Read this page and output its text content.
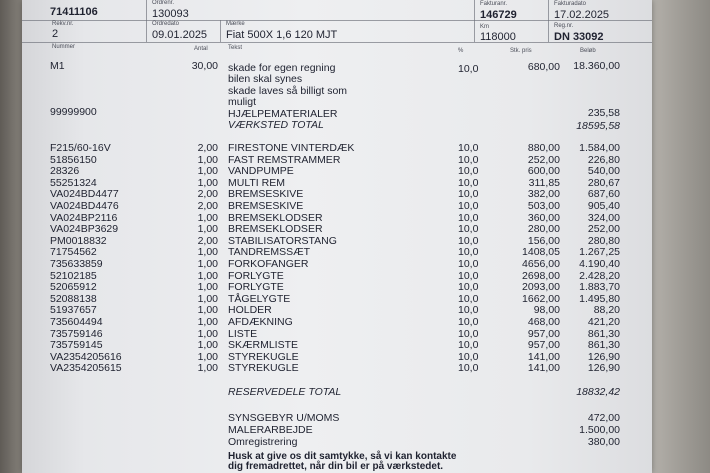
71411106
Ordrenr.
130093
Fakturanr.
146729
Fakturadato
17.02.2025
Rekv.nr.
2
Ordredato
09.01.2025
Mærke
Fiat 500X 1,6 120 MJT
Km
118000
Reg.nr.
DN 33092
Nummer	Antal	Tekst	%	Stk. pris	Beløb
M1	30,00 skade for egen regning	10,0	680,00	18.360,00
bilen skal synes
skade laves så billigt som
muligt
99999900	HJÆLPEMATERIALER	235,58
VÆRKSTED TOTAL	18595,58
F215/60-16V	2,00 FIRESTONE VINTERDÆK	10,0	880,00	1.584,00
51856150	1,00 FAST REMSTRAMMER	10,0	252,00	226,80
28326	1,00 VANDPUMPE	10,0	600,00	540,00
55251324	1,00 MULTI REM	10,0	311,85	280,67
VA024BD4477	2,00 BREMSESKIVE	10,0	382,00	687,60
VA024BD4476	2,00 BREMSESKIVE	10,0	503,00	905,40
VA024BP2116	1,00 BREMSEKLODSER	10,0	360,00	324,00
VA024BP3629	1,00 BREMSEKLODSER	10,0	280,00	252,00
PM0018832	2,00 STABILISATORSTANG	10,0	156,00	280,80
71754562	1,00 TANDREMSSÆT	10,0	1408,05	1.267,25
735633859	1,00 FORKOFANGER	10,0	4656,00	4.190,40
52102185	1,00 FORLYGTE	10,0	2698,00	2.428,20
52065912	1,00 FORLYGTE	10,0	2093,00	1.883,70
52088138	1,00 TÅGELYGTE	10,0	1662,00	1.495,80
51937657	1,00 HOLDER	10,0	98,00	88,20
735604494	1,00 AFDÆKNING	10,0	468,00	421,20
735759146	1,00 LISTE	10,0	957,00	861,30
735759145	1,00 SKÆRMLISTE	10,0	957,00	861,30
VA2354205616	1,00 STYREKUGLE	10,0	141,00	126,90
VA2354205615	1,00 STYREKUGLE	10,0	141,00	126,90
RESERVEDELE TOTAL	18832,42
SYNSGEBYR U/MOMS	472,00
MALERARBEJDE	1.500,00
Omregistrering	380,00
Husk at give os dit samtykke, så vi kan kontakte
dig fremadrettet, når din bil er på værkstedet.
